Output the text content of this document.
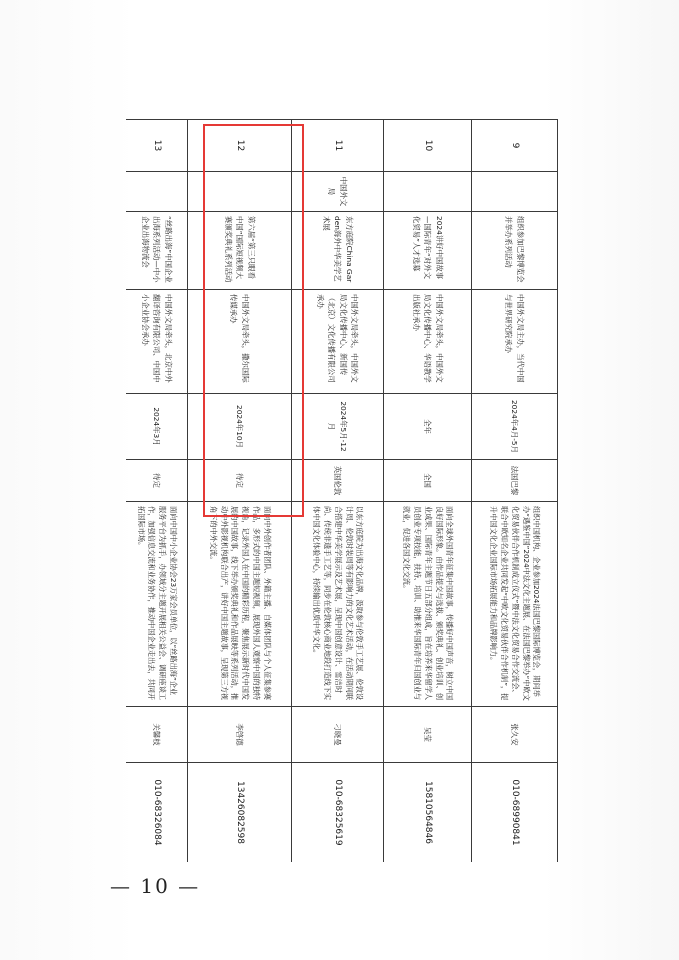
9		组织参加巴黎博览会并举办系列活动	中国外文局主办，当代中国与世界研究院承办	2024年4月-5月	法国巴黎	组织中国机构、企业参加2024法国巴黎国际博览会，期间举办“遇鉴中国”2024中法文化主题展、在法国巴黎举办“中欧文化贸易伙伴合作机制成立仪式”暨中法文化贸易合作交流会、联合中欧知名企业共同发起“中欧文化贸易伙伴合作机制”，提升中国文化企业国际市场拓展能力和品牌影响力。	张久安	010-68990841
10		2024讲好中国故事—国际青年“对外文化贸易”人才选募	中国外文局牵头，中国外文局文化传播中心、华语教学出版社承办	全年	全国	面向全球外国青年征集中国故事，传播好中国声音，树立中国良好国际形象。由作品提交与选拔、颁奖典礼、创业培训、创业成果、国际青年主题节日五部分组成，旨在培养来华留学人员创业专项技能，扶持、培训、助推来华国际青年归国创业与就业，促进各国文化交流。	吴莹	15810564846
11	中国外文局	东方庭院China Garden海外中华美学艺术展	中国外文局牵头，中国外文局文化传播中心、新国传（北京）文化传播有限公司承办	2024年5月-12月	英国伦敦	以东方庭院为出海文化品牌，汲取参与伦敦手工艺展、伦敦设计周、伦敦时装周等有影响力的文化艺术活动，在活动期间联合搭建中华美学展示及艺术展，呈现中国创意设计、雷洁时尚、传统非遗手工艺等，同步在伦敦核心商业地段打造线下实体中国文化体验中心，持续输出优质中华文化。	刁晓曼	010-68325619
12		第六届“第三只眼看中国”国际短视频大赛颁奖典礼系列活动	中国外文局牵头，撒尔国际传媒承办	2024年10月	待定	面向中外创作者团队、外籍主播、自媒体团队与个人征集参赛作品，多形式的中国主题短视频，展现外国人观察中国的独特视角，记录外国人在中国的精彩历程，聚焦展示新时代中国发展的中国故事，线下举办颁奖典礼和作品展映等系列活动，推动中外影视机构联合出产，讲好中国主题故事，呈现第三方视角下的中外交流。	李啓德	13426082598
13		“丝路出海”中国企业出海系列活动—中小企业出海物流会	中国外文局牵头，北京中外翻译咨询有限公司、中国中小企业协会承办	2024年3月	待定	面向中国中小企业协会23万家会员单位，以“丝路出海”企业服务平台为抓手，办领域分主题开展相关公益会、调研座谈工作，加强信息交流和业务协作，推动中国企业走出去，共同开拓国际市场。	关馨枝	010-68326084
— 10 —
